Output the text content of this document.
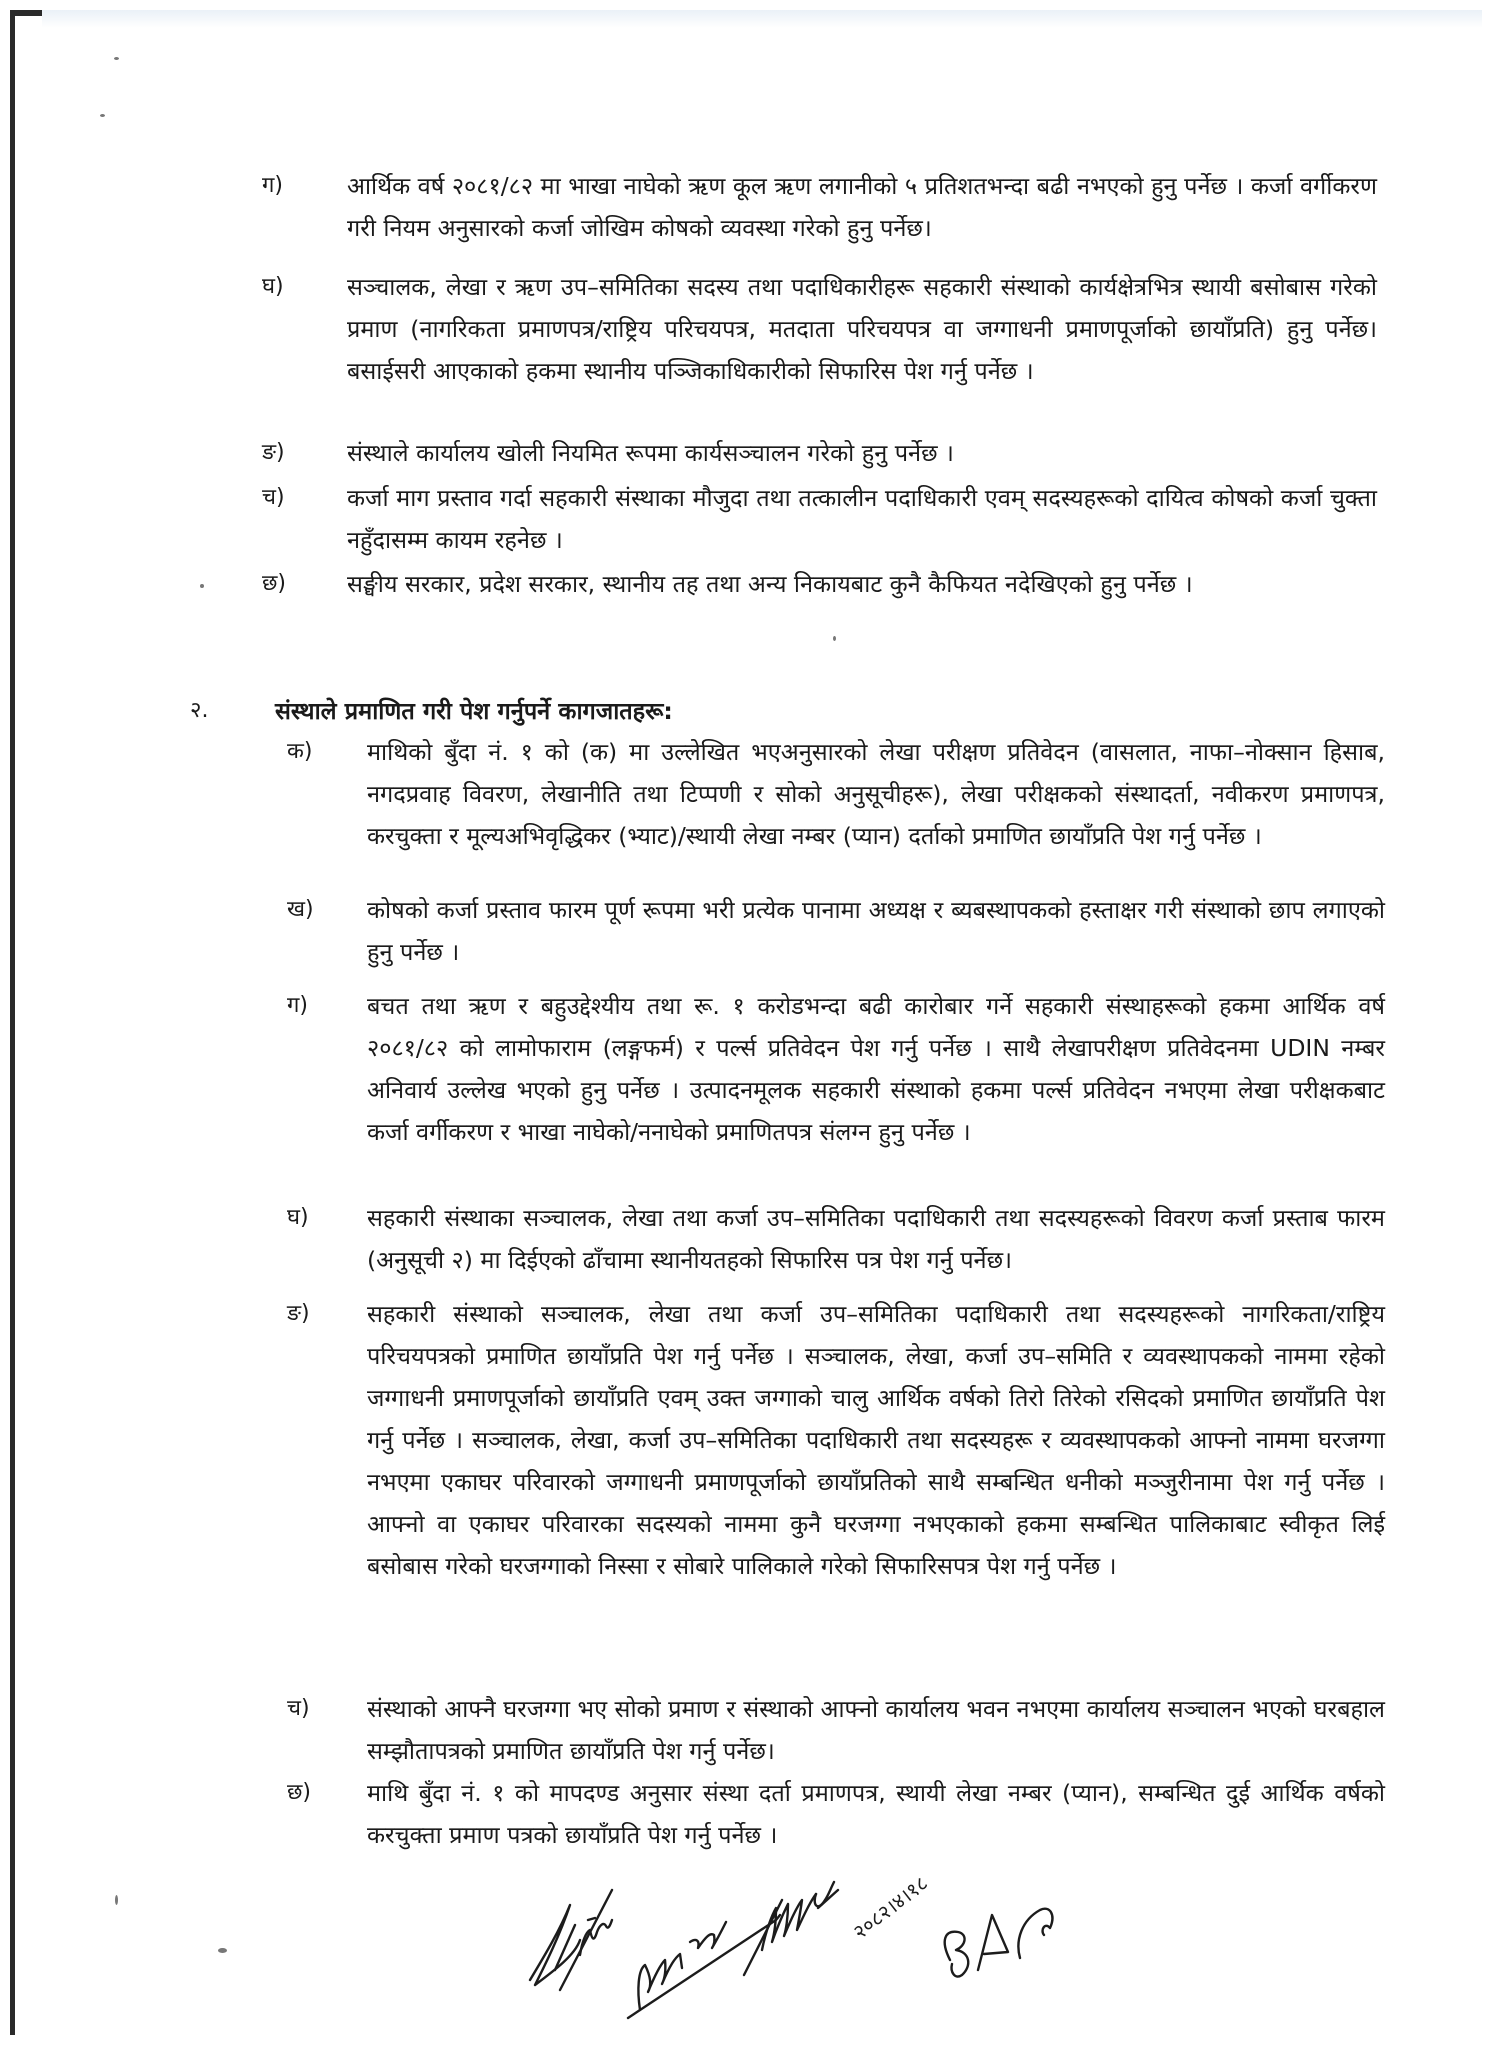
ग)	आर्थिक वर्ष २०८१/८२ मा भाखा नाघेको ऋण कूल ऋण लगानीको ५ प्रतिशतभन्दा बढी नभएको हुनु पर्नेछ । कर्जा वर्गीकरण गरी नियम अनुसारको कर्जा जोखिम कोषको व्यवस्था गरेको हुनु पर्नेछ।
घ)	सञ्चालक, लेखा र ऋण उप–समितिका सदस्य तथा पदाधिकारीहरू सहकारी संस्थाको कार्यक्षेत्रभित्र स्थायी बसोबास गरेको प्रमाण (नागरिकता प्रमाणपत्र/राष्ट्रिय परिचयपत्र, मतदाता परिचयपत्र वा जग्गाधनी प्रमाणपूर्जाको छायाँप्रति) हुनु पर्नेछ। बसाईसरी आएकाको हकमा स्थानीय पञ्जिकाधिकारीको सिफारिस पेश गर्नु पर्नेछ ।
ङ)	संस्थाले कार्यालय खोली नियमित रूपमा कार्यसञ्चालन गरेको हुनु पर्नेछ ।
च)	कर्जा माग प्रस्ताव गर्दा सहकारी संस्थाका मौजुदा तथा तत्कालीन पदाधिकारी एवम् सदस्यहरूको दायित्व कोषको कर्जा चुक्ता नहुँदासम्म कायम रहनेछ ।
छ)	सङ्घीय सरकार, प्रदेश सरकार, स्थानीय तह तथा अन्य निकायबाट कुनै कैफियत नदेखिएको हुनु पर्नेछ ।
२.	संस्थाले प्रमाणित गरी पेश गर्नुपर्ने कागजातहरू:
क) माथिको बुँदा नं. १ को (क) मा उल्लेखित भएअनुसारको लेखा परीक्षण प्रतिवेदन (वासलात, नाफा–नोक्सान हिसाब, नगदप्रवाह विवरण, लेखानीति तथा टिप्पणी र सोको अनुसूचीहरू), लेखा परीक्षकको संस्थादर्ता, नवीकरण प्रमाणपत्र, करचुक्ता र मूल्यअभिवृद्धिकर (भ्याट)/स्थायी लेखा नम्बर (प्यान) दर्ताको प्रमाणित छायाँप्रति पेश गर्नु पर्नेछ ।
ख) कोषको कर्जा प्रस्ताव फारम पूर्ण रूपमा भरी प्रत्येक पानामा अध्यक्ष र ब्यबस्थापकको हस्ताक्षर गरी संस्थाको छाप लगाएको हुनु पर्नेछ ।
ग)	बचत तथा ऋण र बहुउद्देश्यीय तथा रू. १ करोडभन्दा बढी कारोबार गर्ने सहकारी संस्थाहरूको हकमा आर्थिक वर्ष २०८१/८२ को लामोफाराम (लङ्गफर्म) र पर्ल्स प्रतिवेदन पेश गर्नु पर्नेछ । साथै लेखापरीक्षण प्रतिवेदनमा UDIN नम्बर अनिवार्य उल्लेख भएको हुनु पर्नेछ । उत्पादनमूलक सहकारी संस्थाको हकमा पर्ल्स प्रतिवेदन नभएमा लेखा परीक्षकबाट कर्जा वर्गीकरण र भाखा नाघेको/ननाघेको प्रमाणितपत्र संलग्न हुनु पर्नेछ ।
घ) सहकारी संस्थाका सञ्चालक, लेखा तथा कर्जा उप–समितिका पदाधिकारी तथा सदस्यहरूको विवरण कर्जा प्रस्ताब फारम (अनुसूची २) मा दिईएको ढाँचामा स्थानीयतहको सिफारिस पत्र पेश गर्नु पर्नेछ।
ङ) सहकारी संस्थाको सञ्चालक, लेखा तथा कर्जा उप–समितिका पदाधिकारी तथा सदस्यहरूको नागरिकता/राष्ट्रिय परिचयपत्रको प्रमाणित छायाँप्रति पेश गर्नु पर्नेछ । सञ्चालक, लेखा, कर्जा उप–समिति र व्यवस्थापकको नाममा रहेको जग्गाधनी प्रमाणपूर्जाको छायाँप्रति एवम् उक्त जग्गाको चालु आर्थिक वर्षको तिरो तिरेको रसिदको प्रमाणित छायाँप्रति पेश गर्नु पर्नेछ । सञ्चालक, लेखा, कर्जा उप–समितिका पदाधिकारी तथा सदस्यहरू र व्यवस्थापकको आफ्नो नाममा घरजग्गा नभएमा एकाघर परिवारको जग्गाधनी प्रमाणपूर्जाको छायाँप्रतिको साथै सम्बन्धित धनीको मञ्जुरीनामा पेश गर्नु पर्नेछ । आफ्नो वा एकाघर परिवारका सदस्यको नाममा कुनै घरजग्गा नभएकाको हकमा सम्बन्धित पालिकाबाट स्वीकृत लिई बसोबास गरेको घरजग्गाको निस्सा र सोबारे पालिकाले गरेको सिफारिसपत्र पेश गर्नु पर्नेछ ।
च) संस्थाको आफ्नै घरजग्गा भए सोको प्रमाण र संस्थाको आफ्नो कार्यालय भवन नभएमा कार्यालय सञ्चालन भएको घरबहाल सम्झौतापत्रको प्रमाणित छायाँप्रति पेश गर्नु पर्नेछ।
छ) माथि बुँदा नं. १ को मापदण्ड अनुसार संस्था दर्ता प्रमाणपत्र, स्थायी लेखा नम्बर (प्यान), सम्बन्धित दुई आर्थिक वर्षको करचुक्ता प्रमाण पत्रको छायाँप्रति पेश गर्नु पर्नेछ ।
२०८२।४।१८
